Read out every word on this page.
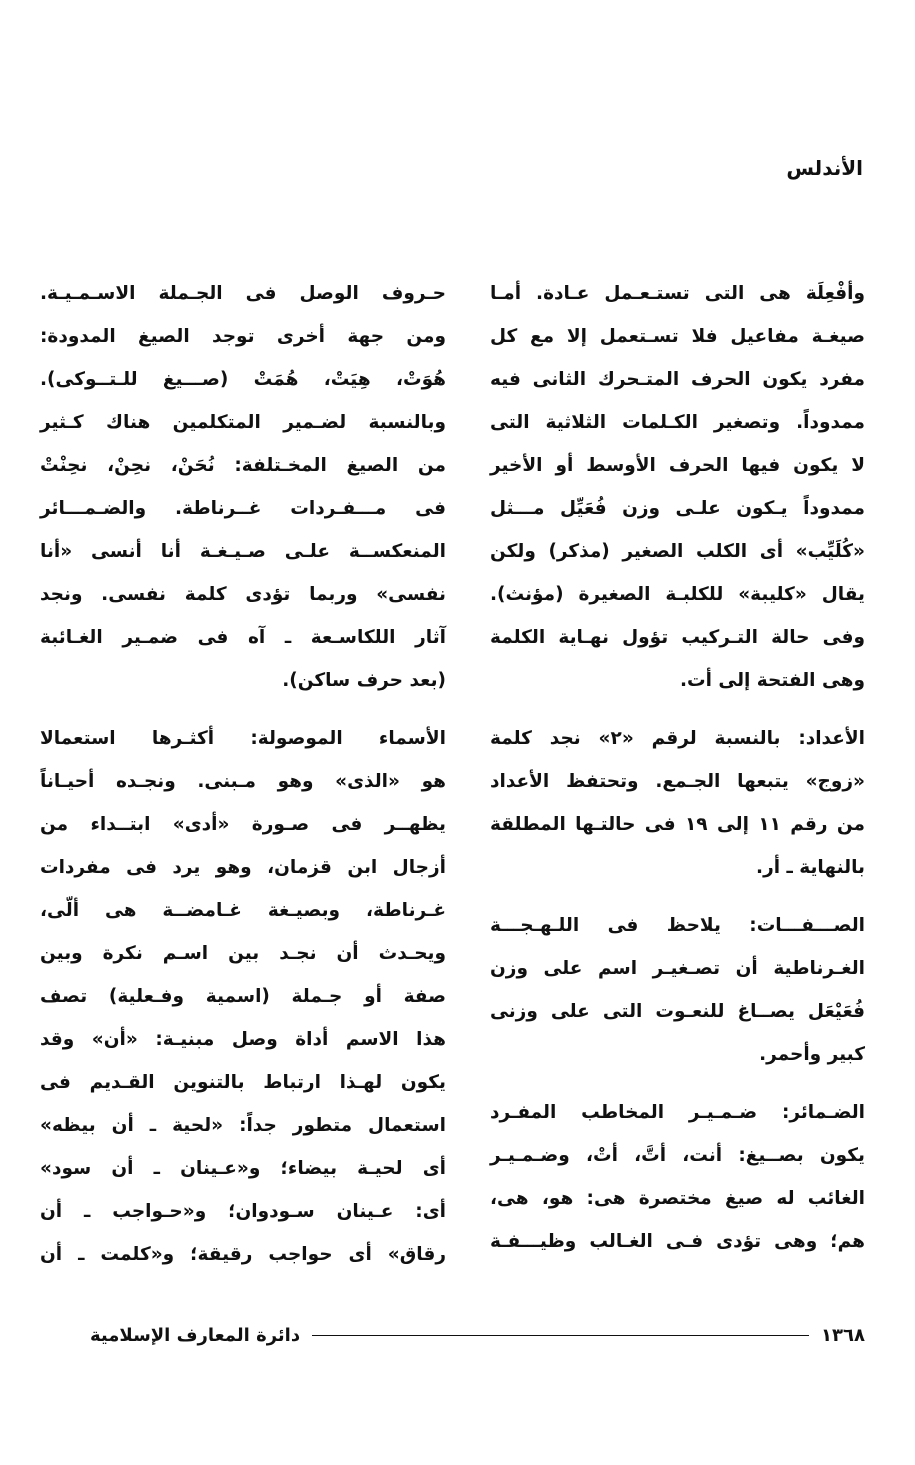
الأندلس
وأفْعِلَة هى التى تستـعـمل عـادة. أمـا
صيغـة مفاعيل فلا تسـتعمل إلا مع كل
مفرد يكون الحرف المتـحرك الثانى فيه
ممدوداً. وتصغير الكـلمات الثلاثية التى
لا يكون فيها الحرف الأوسط أو الأخير
ممدوداً يـكون علـى وزن فُعَيِّل مـــثل
«كُلَيِّب» أى الكلب الصغير (مذكر) ولكن
يقال «كليبة» للكلبـة الصغيرة (مؤنث).
وفى حالة التـركيب تؤول نهـاية الكلمة
وهى الفتحة إلى أت.
الأعداد: بالنسبة لرقم «٢» نجد كلمة
«زوج» يتبعها الجـمع. وتحتفظ الأعداد
من رقم ١١ إلى ١٩ فى حالتـها المطلقة
بالنهاية ـ أر.
الصـــفـــات: يلاحظ فى اللـهـجـــة
الغـرناطية أن تصـغيـر اسم على وزن
فُعَيْعَل يصــاغ للنعـوت التى على وزنى
كبير وأحمر.
الضـمائر: ضـمـيـر المخاطب المفـرد
يكون بصــيغ: أنت، أتَّ، أتْ، وضـمـيـر
الغائب له صيغ مختصرة هى: هو، هى،
هم؛ وهى تؤدى فـى الغـالب وظيـــفـة
حـروف الوصل فى الجـملة الاسـمـيـة.
ومن جهة أخرى توجد الصيغ المدودة:
هُوَتْ، هِيَتْ، هُمَتْ (صـــيغ للـتــوكى).
وبالنسبة لضـمير المتكلمين هناك كـثير
من الصيغ المخـتلفة: نُحَنْ، نحِنْ، نحِنْتْ
فى مـــفـردات غــرناطة. والضـمـــائر
المنعكســة علـى صـيـغـة أنا أنسى «أنا
نفسى» وربما تؤدى كلمة نفسى. ونجد
آثار اللكاسـعة ـ آه فى ضمـير الغـائبة
(بعد حرف ساكن).
الأسماء الموصولة: أكثـرها استعمالا
هو «الذى» وهو مـبنى. ونجـده أحيـاناً
يظهــر فى صـورة «أدى» ابتــداء من
أزجال ابن قزمان، وهو يرد فى مفردات
غـرناطة، وبصيـغة غـامضــة هى ألّى،
ويحـدث أن نجـد بين اسـم نكرة وبين
صفة أو جـملة (اسمية وفـعلية) تصف
هذا الاسم أداة وصل مبنيـة: «أن» وقد
يكون لهـذا ارتباط بالتنوين القـديم فى
استعمال متطور جداً: «لحية ـ أن بيظه»
أى لحيـة بيضاء؛ و«عـينان ـ أن سود»
أى: عـينان سـودوان؛ و«حـواجب ـ أن
رقاق» أى حواجب رقيقة؛ و«كلمت ـ أن
١٣٦٨
دائرة المعارف الإسلامية
